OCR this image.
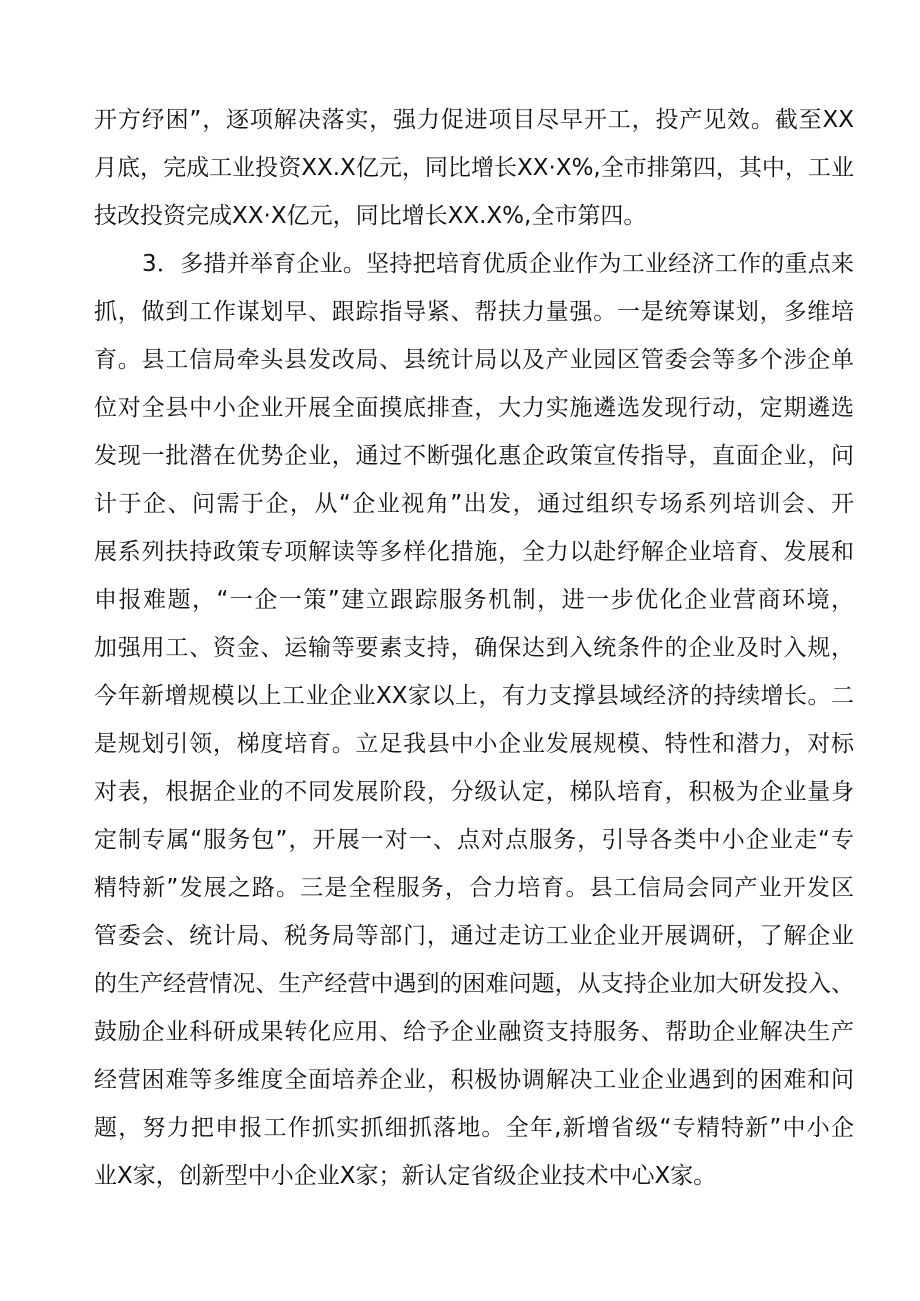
开方纾困”，逐项解决落实，强力促进项目尽早开工，投产见效。截至XX
月底，完成工业投资XX.X亿元，同比增长XX·X%,全市排第四，其中，工业
技改投资完成XX·X亿元，同比增长XX.X%,全市第四。
3．多措并举育企业。坚持把培育优质企业作为工业经济工作的重点来
抓，做到工作谋划早、跟踪指导紧、帮扶力量强。一是统筹谋划，多维培
育。县工信局牵头县发改局、县统计局以及产业园区管委会等多个涉企单
位对全县中小企业开展全面摸底排查，大力实施遴选发现行动，定期遴选
发现一批潜在优势企业，通过不断强化惠企政策宣传指导，直面企业，问
计于企、问需于企，从“企业视角”出发，通过组织专场系列培训会、开
展系列扶持政策专项解读等多样化措施，全力以赴纾解企业培育、发展和
申报难题，“一企一策”建立跟踪服务机制，进一步优化企业营商环境，
加强用工、资金、运输等要素支持，确保达到入统条件的企业及时入规，
今年新增规模以上工业企业XX家以上，有力支撑县域经济的持续增长。二
是规划引领，梯度培育。立足我县中小企业发展规模、特性和潜力，对标
对表，根据企业的不同发展阶段，分级认定，梯队培育，积极为企业量身
定制专属“服务包”，开展一对一、点对点服务，引导各类中小企业走“专
精特新”发展之路。三是全程服务，合力培育。县工信局会同产业开发区
管委会、统计局、税务局等部门，通过走访工业企业开展调研，了解企业
的生产经营情况、生产经营中遇到的困难问题，从支持企业加大研发投入、
鼓励企业科研成果转化应用、给予企业融资支持服务、帮助企业解决生产
经营困难等多维度全面培养企业，积极协调解决工业企业遇到的困难和问
题，努力把申报工作抓实抓细抓落地。全年,新增省级“专精特新”中小企
业X家，创新型中小企业X家；新认定省级企业技术中心X家。
